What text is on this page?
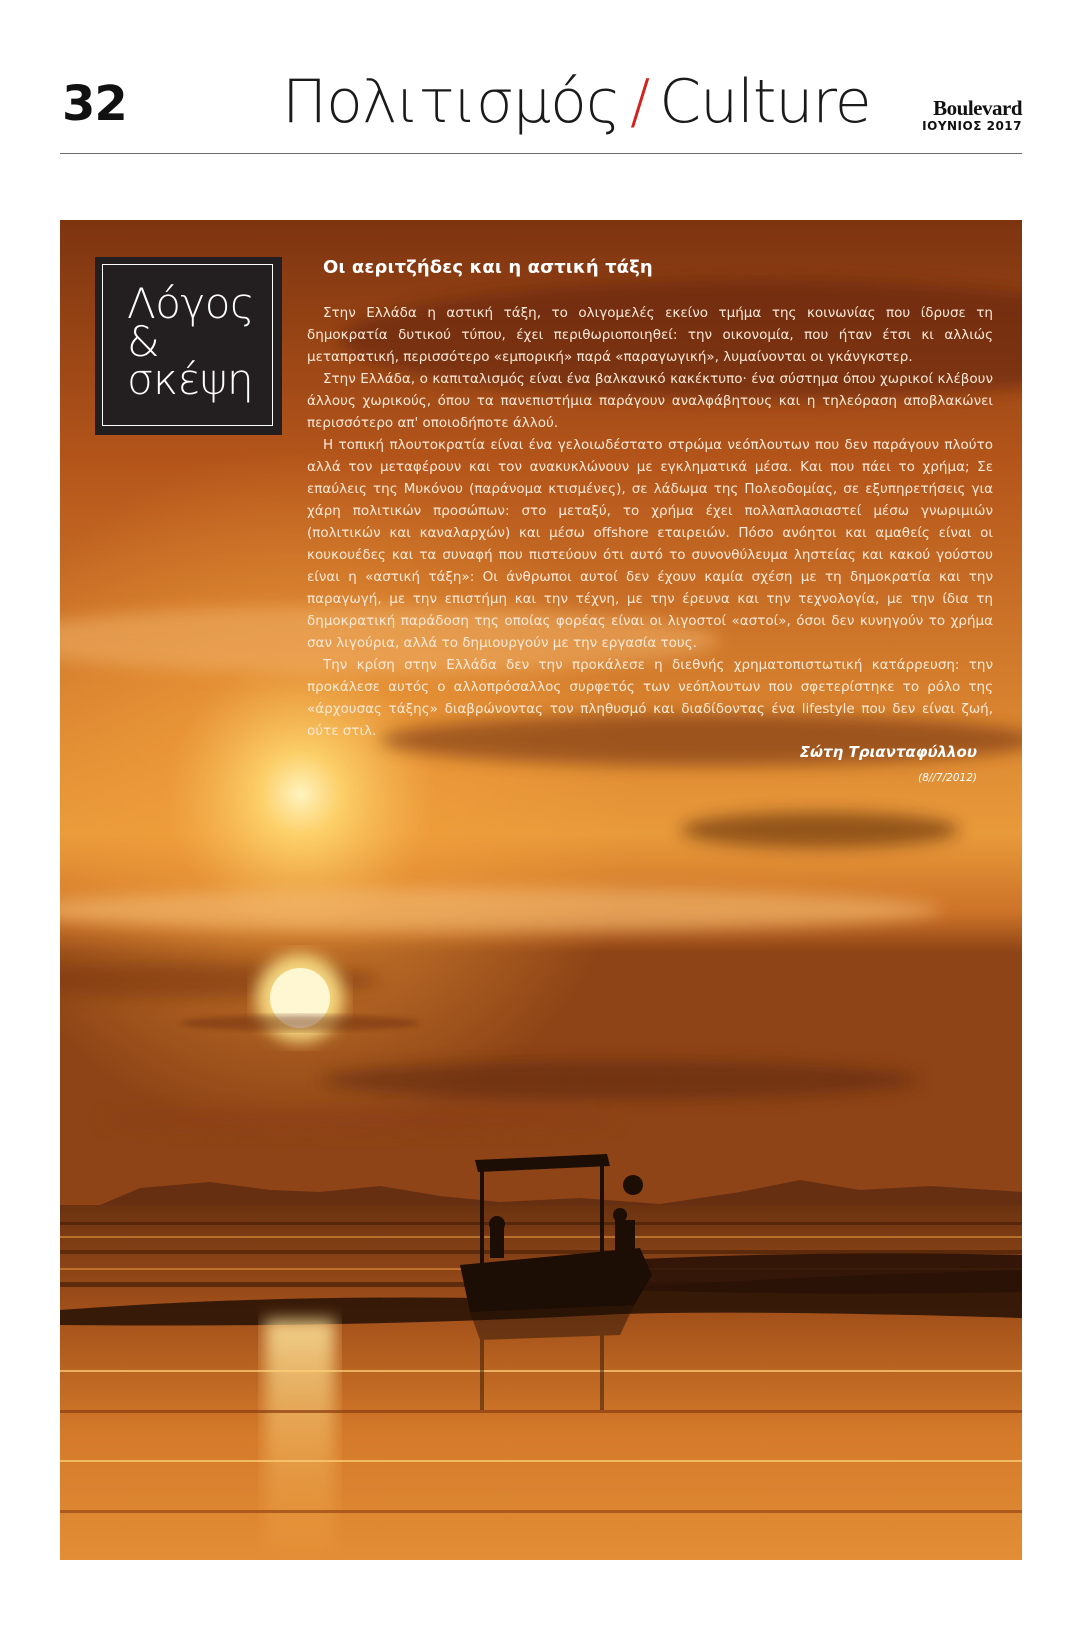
32	Πολιτισμός / Culture	Boulevard
ΙΟΥΝΙΟΣ 2017
Λόγος
&
σκέψη
Οι αεριτζήδες και η αστική τάξη

Στην Ελλάδα η αστική τάξη, το ολιγομελές εκείνο τμήμα της κοινωνίας που ίδρυσε τη δημοκρατία δυτικού τύπου, έχει περιθωριοποιηθεί: την οικονομία, που ήταν έτσι κι αλλιώς μεταπρατική, περισσότερο «εμπορική» παρά «παραγωγική», λυμαίνονται οι γκάνγκστερ.

Στην Ελλάδα, ο καπιταλισμός είναι ένα βαλκανικό κακέκτυπο· ένα σύστημα όπου χωρικοί κλέβουν άλλους χωρικούς, όπου τα πανεπιστήμια παράγουν αναλφάβητους και η τηλεόραση αποβλακώνει περισσότερο απ' οποιοδήποτε άλλού.

Η τοπική πλουτοκρατία είναι ένα γελοιωδέστατο στρώμα νεόπλουτων που δεν παράγουν πλούτο αλλά τον μεταφέρουν και τον ανακυκλώνουν με εγκληματικά μέσα. Και που πάει το χρήμα; Σε επαύλεις της Μυκόνου (παράνομα κτισμένες), σε λάδωμα της Πολεοδομίας, σε εξυπηρετήσεις για χάρη πολιτικών προσώπων: στο μεταξύ, το χρήμα έχει πολλαπλασιαστεί μέσω γνωριμιών (πολιτικών και καναλαρχών) και μέσω offshore εταιρειών. Πόσο ανόητοι και αμαθείς είναι οι κουκουέδες και τα συναφή που πιστεύουν ότι αυτό το συνονθύλευμα ληστείας και κακού γούστου είναι η «αστική τάξη»: Οι άνθρωποι αυτοί δεν έχουν καμία σχέση με τη δημοκρατία και την παραγωγή, με την επιστήμη και την τέχνη, με την έρευνα και την τεχνολογία, με την ίδια τη δημοκρατική παράδοση της οποίας φορέας είναι οι λιγοστοί «αστοί», όσοι δεν κυνηγούν το χρήμα σαν λιγούρια, αλλά το δημιουργούν με την εργασία τους.

Την κρίση στην Ελλάδα δεν την προκάλεσε η διεθνής χρηματοπιστωτική κατάρρευση: την προκάλεσε αυτός ο αλλοπρόσαλλος συρφετός των νεόπλουτων που σφετερίστηκε το ρόλο της «άρχουσας τάξης» διαβρώνοντας τον πληθυσμό και διαδίδοντας ένα lifestyle που δεν είναι ζωή, ούτε στιλ.

Σώτη Τριανταφύλλου
(8//7/2012)
